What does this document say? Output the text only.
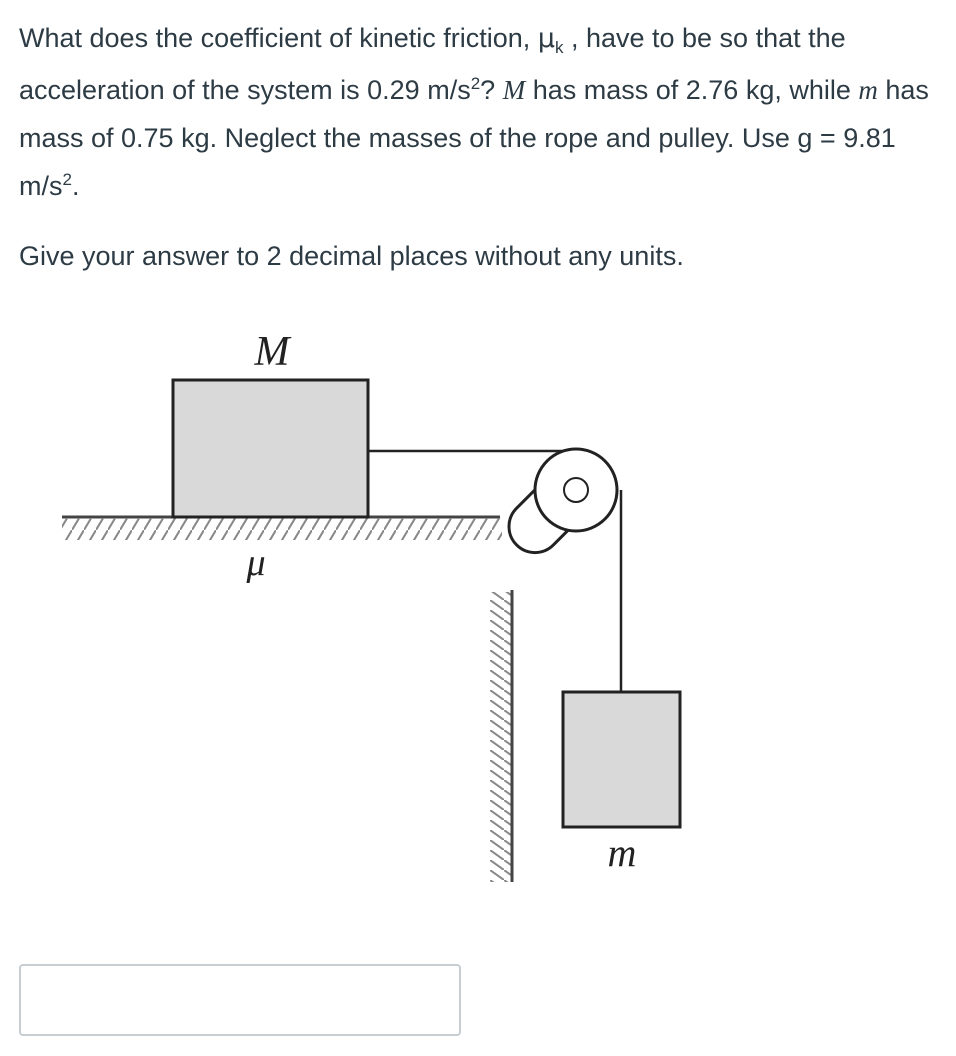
What does the coefficient of kinetic friction, $\mu_k$ , have to be so that the acceleration of the system is 0.29 $m/s^2$? M has mass of 2.76 kg, while m has mass of 0.75 kg. Neglect the masses of the rope and pulley. Use g = 9.81 $m/s^2$.

Give your answer to 2 decimal places without any units.

M
μ
m
